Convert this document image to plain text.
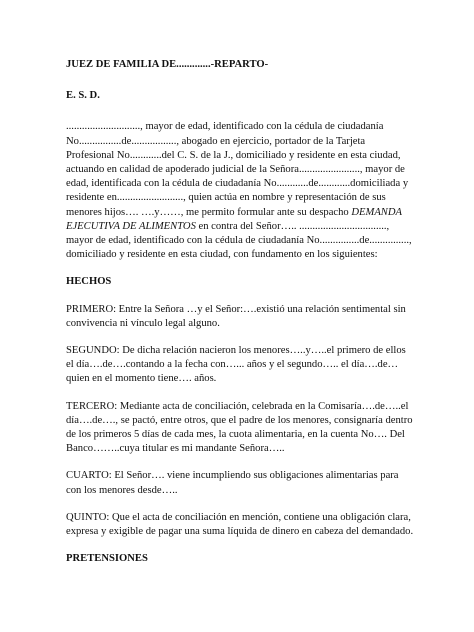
JUEZ DE FAMILIA DE.............-REPARTO-
E. S. D.
............................, mayor de edad, identificado con la cédula de ciudadanía No................de................., abogado en ejercicio, portador de la Tarjeta Profesional No............del C. S. de la J., domiciliado y residente en esta ciudad, actuando en calidad de apoderado judicial de la Señora......................., mayor de edad, identificada con la cédula de ciudadanía No............de............domiciliada y residente en........................., quien actúa en nombre y representación de sus menores hijos…. ….y……, me permito formular ante su despacho DEMANDA EJECUTIVA DE ALIMENTOS en contra del Señor….. ................................., mayor de edad, identificado con la cédula de ciudadanía No...............de..............., domiciliado y residente en esta ciudad, con fundamento en los siguientes:
HECHOS
PRIMERO: Entre la Señora …y el Señor:….existió una relación sentimental sin convivencia ni vínculo legal alguno.
SEGUNDO: De dicha relación nacieron los menores…..y…..el primero de ellos el día….de….contando a la fecha con…... años y el segundo….. el día….de… quien en el momento tiene…. años.
TERCERO: Mediante acta de conciliación, celebrada en la Comisaría….de…..el día….de…., se pactó, entre otros, que el padre de los menores, consignaría dentro de los primeros 5 días de cada mes, la cuota alimentaria, en la cuenta No…. Del Banco……..cuya titular es mi mandante Señora…..
CUARTO: El Señor…. viene incumpliendo sus obligaciones alimentarias para con los menores desde…..
QUINTO: Que el acta de conciliación en mención, contiene una obligación clara, expresa y exigible de pagar una suma líquida de dinero en cabeza del demandado.
PRETENSIONES
